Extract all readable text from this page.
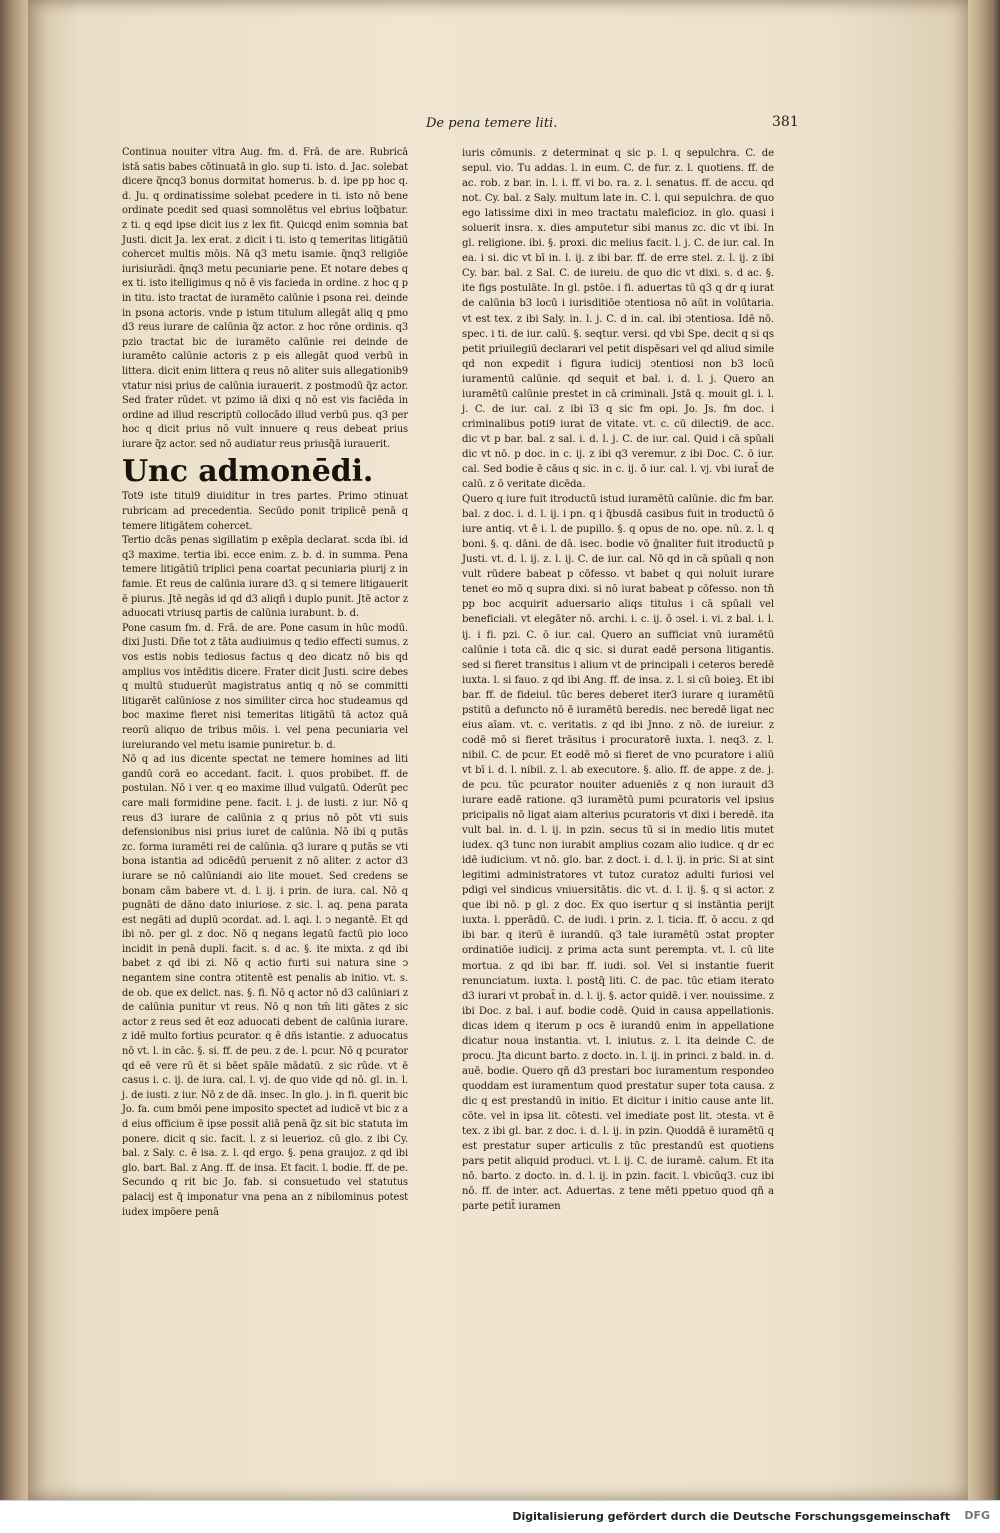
De pena temere liti.	381

Continua nouiter vltra Aug. fm. d. Frā. de are. Rubricā istā satis babes cōtinuatā in glo. sup ti. isto. d. Jac. solebat dicere q̃ncq3 bonus dormitat homerus. b. d. ipe pp hoc q. d. Ju. q ordinatissime solebat pcedere in ti. isto nō bene ordinate pcedit sed quasi somnolētus vel ebrius loq̃batur. z ti. q eqd ipse dicit ius z lex fit. Quicqd enim somnia bat Justi. dicit Ja. lex erat. z dicit i ti. isto q temeritas litigātiū cohercet multis mōis. Nā q3 metu isamie. q̃nq3 religiōe iurisiurādi. q̃nq3 metu pecuniarie pene. Et notare debes q ex ti. isto itelligimus q nō ē vis facieda in ordine. z hoc q p in titu. isto tractat de iuramēto calūnie i psona rei. deinde in psona actoris. vnde p istum titulum allegāt aliq q pmo d3 reus iurare de calūnia q̃z actor. z hoc rōne ordinis. q3 pzio tractat bic de iuramēto calūnie rei deinde de iuramēto calūnie actoris z p eis allegāt quod verbū in littera. dicit enim littera q reus nō aliter suis allegationib9 vtatur nisi prius de calūnia iurauerit. z postmodū q̃z actor. Sed frater rūdet. vt pzimo iā dixi q nō est vis faciēda in ordine ad illud rescriptū collocādo illud verbū pus. q3 per hoc q dicit prius nō vult innuere q reus debeat prius iurare q̃z actor. sed nō audiatur reus priusq̃ā iurauerit.

Unc admonēdi.

Tot9 iste titul9 diuiditur in tres partes. Primo ↄtinuat rubricam ad precedentia. Secūdo ponit triplicē penā q temere litigātem cohercet.

Tertio dcās penas sigillatim p exēpla declarat. scda ibi. id q3 maxime. tertia ibi. ecce enim. z. b. d. in summa. Pena temere litigātiū triplici pena coartat pecuniaria piurij z in famie. Et reus de calūnia iurare d3. q si temere litigauerit ē piurus. Jtē negās id qd d3 aliqñ i duplo punit. Jtē actor z aduocati vtriusq partis de calūnia iurabunt. b. d.

Pone casum fm. d. Frā. de are. Pone casum in hūc modū. dixi Justi. Dñe tot z tāta audiuimus q tedio effecti sumus. z vos estis nobis tediosus factus q deo dicatz nō bis qd amplius vos intēditis dicere. Frater dicit Justi. scire debes q multū studuerūt magistratus antiq q nō se committi litigarēt calūniose z nos similiter circa hoc studeamus qd boc maxime fieret nisi temeritas litigātū tā actoz quā reorū aliquo de tribus mōis. i. vel pena pecuniaria vel iureiurando vel metu isamie puniretur. b. d.

Nō q ad ius dicente spectat ne temere homines ad liti gandū corā eo accedant. facit. l. quos probibet. ff. de postulan. Nō i ver. q eo maxime illud vulgatū. Oderūt pec care mali formidine pene. facit. l. j. de iusti. z iur. Nō q reus d3 iurare de calūnia z q prius nō pōt vti suis defensionibus nisi prius iuret de calūnia. Nō ibi q putās zc. forma iuramēti rei de calūnia. q3 iurare q putās se vti bona istantia ad ↄdicēdū peruenit z nō aliter. z actor d3 iurare se nō calūniandi aio lite mouet. Sed credens se bonam cām babere vt. d. l. ij. i prin. de iura. cal. Nō q pugnāti de dāno dato iniuriose. z sic. l. aq. pena parata est negāti ad duplū ↄcordat. ad. l. aqi. l. ↄ negantē. Et qd ibi nō. per gl. z doc. Nō q negans legatū factū pio loco incidit in penā dupli. facit. s. d ac. §. ite mixta. z qd ibi babet z qd ibi zi. Nō q actio furti sui natura sine ↄ negantem sine contra ↄtitentē est penalis ab initio. vt. s. de ob. que ex delict. nas. §. fi. Nō q actor nō d3 calūniari z de calūnia punitur vt reus. Nō q non tm̄ liti gātes z sic actor z reus sed ēt eoz aduocati debent de calūnia iurare. z idē multo fortius pcurator. q ē dñs istantie. z aduocatus nō vt. l. in cāc. §. si. ff. de peu. z de. l. pcur. Nō q pcurator qd eē vere rū ēt si bēet spāle mādatū. z sic rūde. vt ē casus i. c. ij. de iura. cal. l. vj. de quo vide qd nō. gl. in. l. j. de iusti. z iur. Nō z de dā. insec. In glo. j. in fi. querit bic Jo. fa. cum bmōi pene imposito spectet ad iudicē vt bic z a d eius officium ē ipse possit aliā penā q̃z sit bic statuta im ponere. dicit q sic. facit. l. z si leuerioz. cū glo. z ibi Cy. bal. z Saly. c. ē isa. z. l. qd ergo. §. pena graujoz. z qd ibi glo. bart. Bal. z Ang. ff. de insa. Et facit. l. bodie. ff. de pe. Secundo q rit bic Jo. fab. si consuetudo vel statutus palacij est q̃ imponatur vna pena an z nibilominus potest iudex impōere penā

iuris cōmunis. z determinat q sic p. l. q sepulchra. C. de sepul. vio. Tu addas. l. in eum. C. de fur. z. l. quotiens. ff. de ac. rob. z bar. in. l. i. ff. vi bo. ra. z. l. senatus. ff. de accu. qd not. Cy. bal. z Saly. multum late in. C. l. qui sepulchra. de quo ego latissime dixi in meo tractatu maleficioz. in glo. quasi i soluerit insra. x. dies amputetur sibi manus zc. dic vt ibi. In gl. religione. ibi. §. proxi. dic melius facit. l. j. C. de iur. cal. In ea. i si. dic vt bī in. l. ij. z ibi bar. ff. de erre stel. z. l. ij. z ibi Cy. bar. bal. z Sal. C. de iureiu. de quo dic vt dixi. s. d ac. §. ite figs postulāte. In gl. pstōe. i fi. aduertas tū q3 q dr q iurat de calūnia b3 locū i iurisditiōe ↄtentiosa nō aūt in volūtaria. vt est tex. z ibi Saly. in. l. j. C. d in. cal. ibi ↄtentiosa. Idē nō. spec. i ti. de iur. calū. §. seqtur. versi. qd vbi Spe. decit q si qs petit priuilegiū declarari vel petit dispēsari vel qd aliud simile qd non expedit i figura iudicij ↄtentiosi non b3 locū iuramentū calūnie. qd sequit et bal. i. d. l. j. Quero an iuramētū calūnie prestet in cā criminali. Jstā q. mouit gl. i. l. j. C. de iur. cal. z ibi ī3 q sic fm opi. Jo. Js. fm doc. i criminalibus poti9 iurat de vitate. vt. c. cū dilecti9. de acc. dic vt p bar. bal. z sal. i. d. l. j. C. de iur. cal. Quid i cā spūali dic vt nō. p doc. in c. ij. z ibi q3 veremur. z ibi Doc. C. ō iur. cal. Sed bodie ē cāus q sic. in c. ij. ō iur. cal. l. vj. vbi iurat̄ de calū. z ō veritate dicēda.

Quero q iure fuit itroductū istud iuramētū calūnie. dic fm bar. bal. z doc. i. d. l. ij. i pn. q i q̃busdā casibus fuit in troductū ō iure antiq. vt ē i. l. de pupillo. §. q opus de no. ope. nū. z. l. q boni. §. q. dāni. de dā. isec. bodie vō ḡnaliter fuit itroductū p Justi. vt. d. l. ij. z. l. ij. C. de iur. cal. Nō qd in cā spūali q non vult rūdere babeat p cōfesso. vt babet q qui noluit iurare tenet eo mō q supra dixi. si nō iurat babeat p cōfesso. non tn̄ pp boc acquirit aduersario aliqs titulus i cā spūali vel beneficiali. vt elegāter nō. archi. i. c. ij. ō ↄsel. i. vi. z bal. i. l. ij. i fi. pzi. C. ō iur. cal. Quero an sufficiat vnū iuramētū calūnie i tota cā. dic q sic. si durat eadē persona litigantis. sed si fieret transitus i alium vt de principali i ceteros beredē iuxta. l. si fauo. z qd ibi Ang. ff. de insa. z. l. si cū boieꝫ. Et ibi bar. ff. de fideiul. tūc beres deberet iter3 iurare q iuramētū pstitū a defuncto nō ē iuramētū beredis. nec beredē ligat nec eius aīam. vt. c. veritatis. z qd ibi Jnno. z nō. de iureiur. z codē mō si fieret trāsitus i procuratorē iuxta. l. neq3. z. l. nibil. C. de pcur. Et eodē mō si fieret de vno pcuratore i aliū vt bī i. d. l. nibil. z. l. ab executore. §. alio. ff. de appe. z de. j. de pcu. tūc pcurator nouiter adueniēs z q non iurauit d3 iurare eadē ratione. q3 iuramētū pumi pcuratoris vel ipsius pricipalis nō ligat aiam alterius pcuratoris vt dixi i beredē. ita vult bal. in. d. l. ij. in pzin. secus tū si in medio litis mutet iudex. q3 tunc non iurabit amplius cozam alio iudice. q dr ec idē iudicium. vt nō. glo. bar. z doct. i. d. l. ij. in pric. Si at sint legitimi administratores vt tutoz curatoz adulti furiosi vel pdigi vel sindicus vniuersitātis. dic vt. d. l. ij. §. q si actor. z que ibi nō. p gl. z doc. Ex quo isertur q si instāntia perijt iuxta. l. pperādū. C. de iudi. i prin. z. l. ticia. ff. ō accu. z qd ibi bar. q iterū ē iurandū. q3 tale iuramētū ↄstat propter ordinatiōe iudicij. z prima acta sunt perempta. vt. l. cū lite mortua. z qd ibi bar. ff. iudi. sol. Vel si instantie fuerit renunciatum. iuxta. l. postq̃ liti. C. de pac. tūc etiam iterato d3 iurari vt probat̄ in. d. l. ij. §. actor quidē. i ver. nouissime. z ibi Doc. z bal. i auf. bodie codē. Quid in causa appellationis. dicas idem q iterum p ocs ē iurandū enim in appellatione dicatur noua instantia. vt. l. iniutus. z. l. ita deinde C. de procu. Jta dicunt barto. z docto. in. l. ij. in princi. z bald. in. d. auē. bodie. Quero qñ d3 prestari boc iuramentum respondeo quoddam est iuramentum quod prestatur super tota causa. z dic q est prestandū in initio. Et dicitur i initio cause ante lit. cōte. vel in ipsa lit. cōtesti. vel imediate post lit. ↄtesta. vt ē tex. z ibi gl. bar. z doc. i. d. l. ij. in pzin. Quoddā ē iuramētū q est prestatur super articulis z tūc prestandū est quotiens pars petit aliquid produci. vt. l. ij. C. de iuramē. calum. Et ita nō. barto. z docto. in. d. l. ij. in pzin. facit. l. vbicūq3. cuz ibi nō. ff. de inter. act. Aduertas. z tene mēti ppetuo quod qñ a parte petit̄ iuramen

Digitalisierung gefördert durch die Deutsche Forschungsgemeinschaft DFG
